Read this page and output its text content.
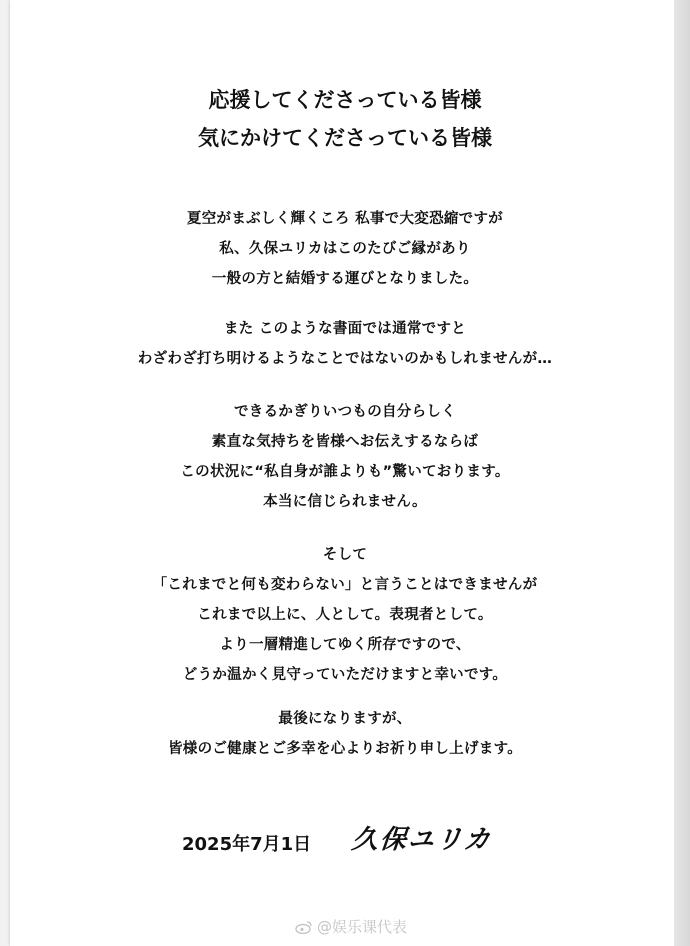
応援してくださっている皆様
気にかけてくださっている皆様
夏空がまぶしく輝くころ 私事で大変恐縮ですが
私、久保ユリカはこのたびご縁があり
一般の方と結婚する運びとなりました。
また このような書面では通常ですと
わざわざ打ち明けるようなことではないのかもしれませんが…
できるかぎりいつもの自分らしく
素直な気持ちを皆様へお伝えするならば
この状況に“私自身が誰よりも”驚いております。
本当に信じられません。
そして
「これまでと何も変わらない」と言うことはできませんが
これまで以上に、人として。表現者として。
より一層精進してゆく所存ですので、
どうか温かく見守っていただけますと幸いです。
最後になりますが、
皆様のご健康とご多幸を心よりお祈り申し上げます。
2025年7月1日 久保ユリカ
@娱乐课代表
